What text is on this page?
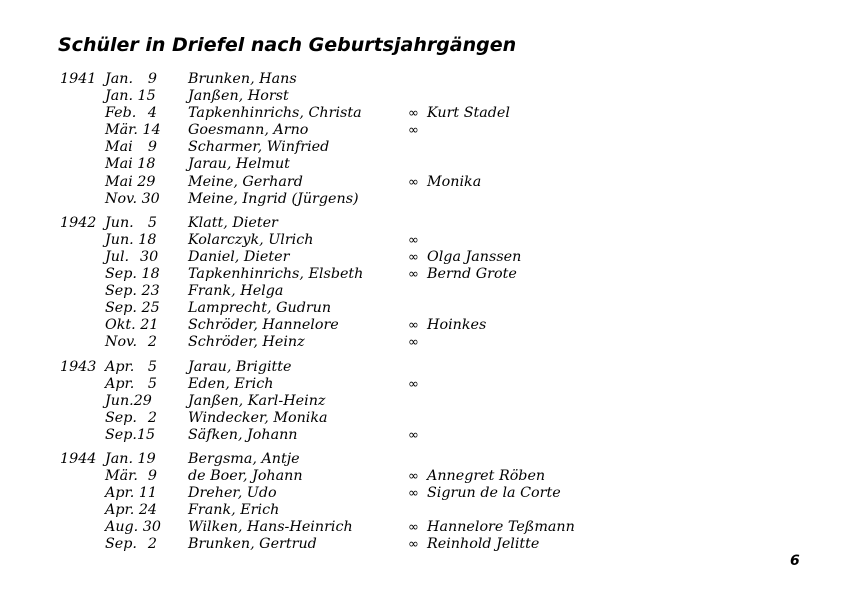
Schüler in Driefel nach Geburtsjahrgängen
1941 Jan.	9 Brunken, Hans
Jan. 15 Janßen, Horst
Feb. 4 Tapkenhinrichs, Christa	∞ Kurt Stadel
Mär. 14 Goesmann, Arno	∞
Mai	9 Scharmer, Winfried
Mai 18 Jarau, Helmut
Mai 29 Meine, Gerhard	∞ Monika
Nov. 30 Meine, Ingrid (Jürgens)
1942 Jun. 5 Klatt, Dieter
Jun. 18 Kolarczyk, Ulrich	∞
Jul. 30 Daniel, Dieter	∞ Olga Janssen
Sep. 18 Tapkenhinrichs, Elsbeth	∞ Bernd Grote
Sep. 23 Frank, Helga
Sep. 25 Lamprecht, Gudrun
Okt. 21 Schröder, Hannelore	∞ Hoinkes
Nov. 2 Schröder, Heinz	∞
1943 Apr. 5 Jarau, Brigitte
Apr. 5 Eden, Erich	∞
Jun.29	Janßen, Karl-Heinz
Sep. 2 Windecker, Monika
Sep.15 Säfken, Johann	∞
1944 Jan. 19 Bergsma, Antje
Mär. 9 de Boer, Johann	∞ Annegret Röben
Apr. 11 Dreher, Udo	∞ Sigrun de la Corte
Apr. 24 Frank, Erich
Aug. 30 Wilken, Hans-Heinrich	∞ Hannelore Teßmann
Sep. 2 Brunken, Gertrud	∞ Reinhold Jelitte
6
